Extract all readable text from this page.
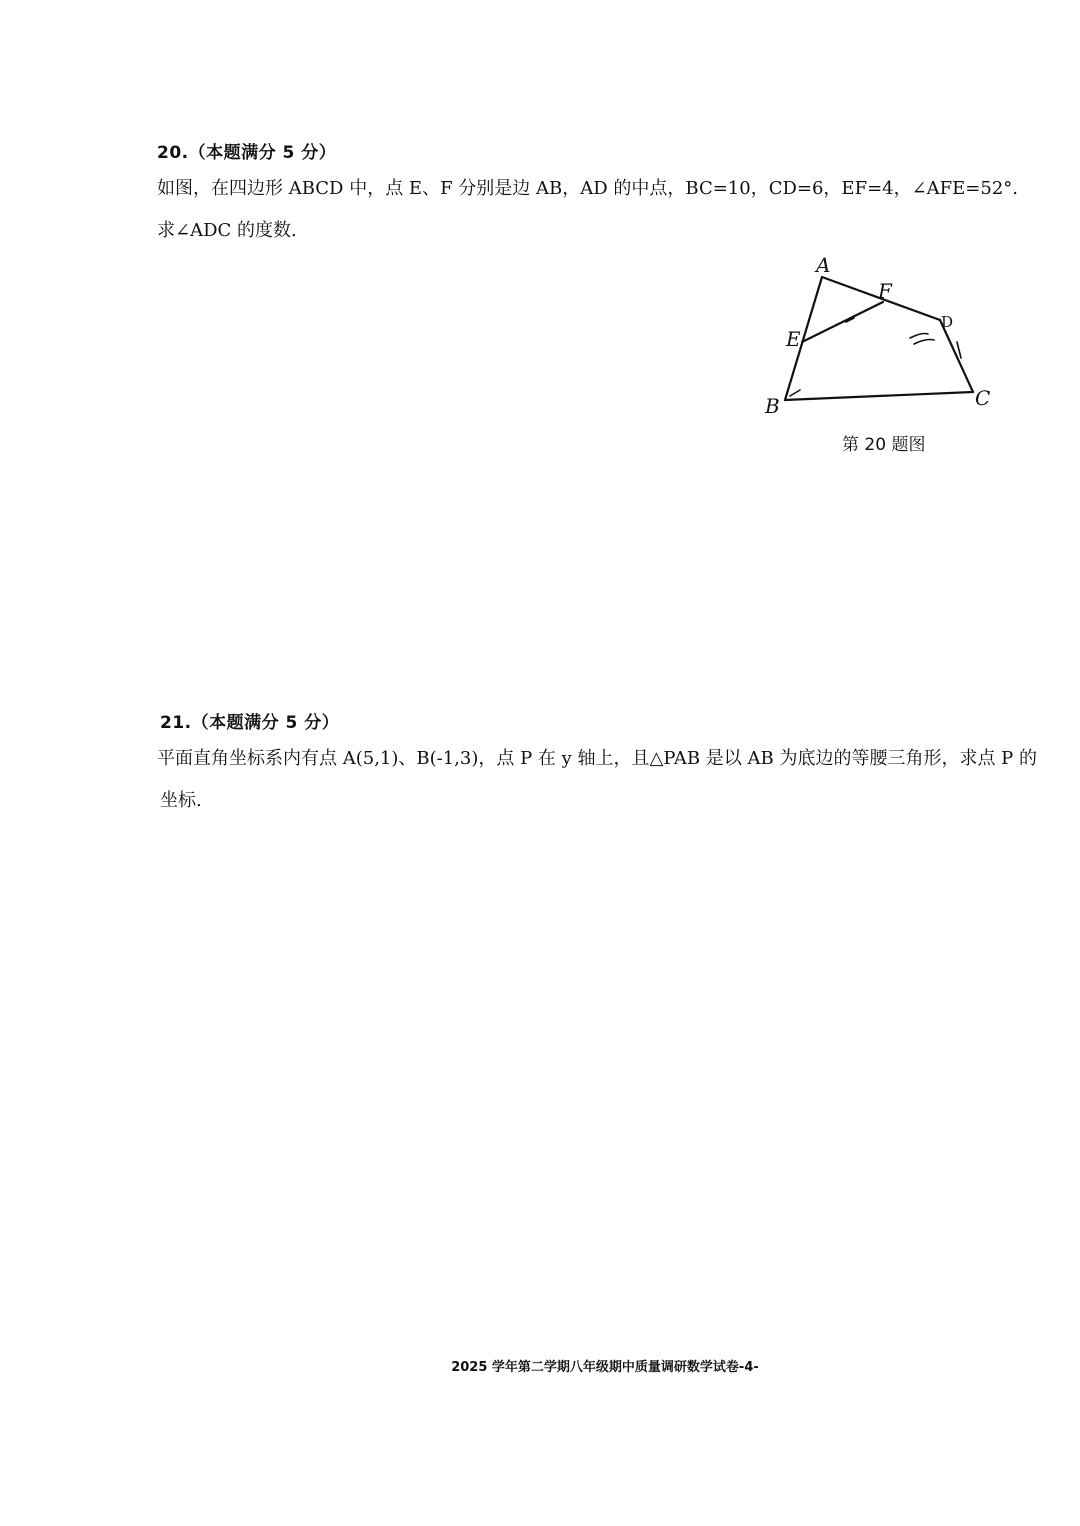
20.（本题满分 5 分）
如图，在四边形 ABCD 中，点 E、F 分别是边 AB，AD 的中点，BC=10，CD=6，EF=4，∠AFE=52°.
求∠ADC 的度数.
A
B	C
D
E
F
第 20 题图
21.（本题满分 5 分）
平面直角坐标系内有点 A(5,1)、B(-1,3)，点 P 在 y 轴上，且△PAB 是以 AB 为底边的等腰三角形，求点 P 的
坐标.
2025 学年第二学期八年级期中质量调研数学试卷-4-
